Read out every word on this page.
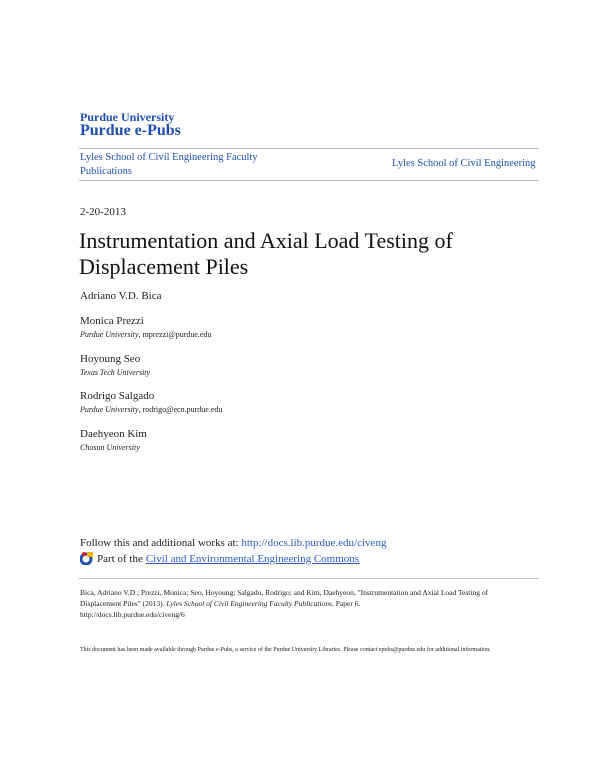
Purdue University
Purdue e-Pubs
Lyles School of Civil Engineering Faculty Publications
Lyles School of Civil Engineering
2-20-2013
Instrumentation and Axial Load Testing of Displacement Piles
Adriano V.D. Bica
Monica Prezzi
Purdue University, mprezzi@purdue.edu
Hoyoung Seo
Texas Tech University
Rodrigo Salgado
Purdue University, rodrigo@ecn.purdue.edu
Daehyeon Kim
Chosun University
Follow this and additional works at: http://docs.lib.purdue.edu/civeng
Part of the Civil and Environmental Engineering Commons
Bica, Adriano V.D.; Prezzi, Monica; Seo, Hoyoung; Salgado, Rodrigo; and Kim, Daehyeon, "Instrumentation and Axial Load Testing of Displacement Piles" (2013). Lyles School of Civil Engineering Faculty Publications. Paper 6.
http://docs.lib.purdue.edu/civeng/6
This document has been made available through Purdue e-Pubs, a service of the Purdue University Libraries. Please contact epubs@purdue.edu for additional information.
